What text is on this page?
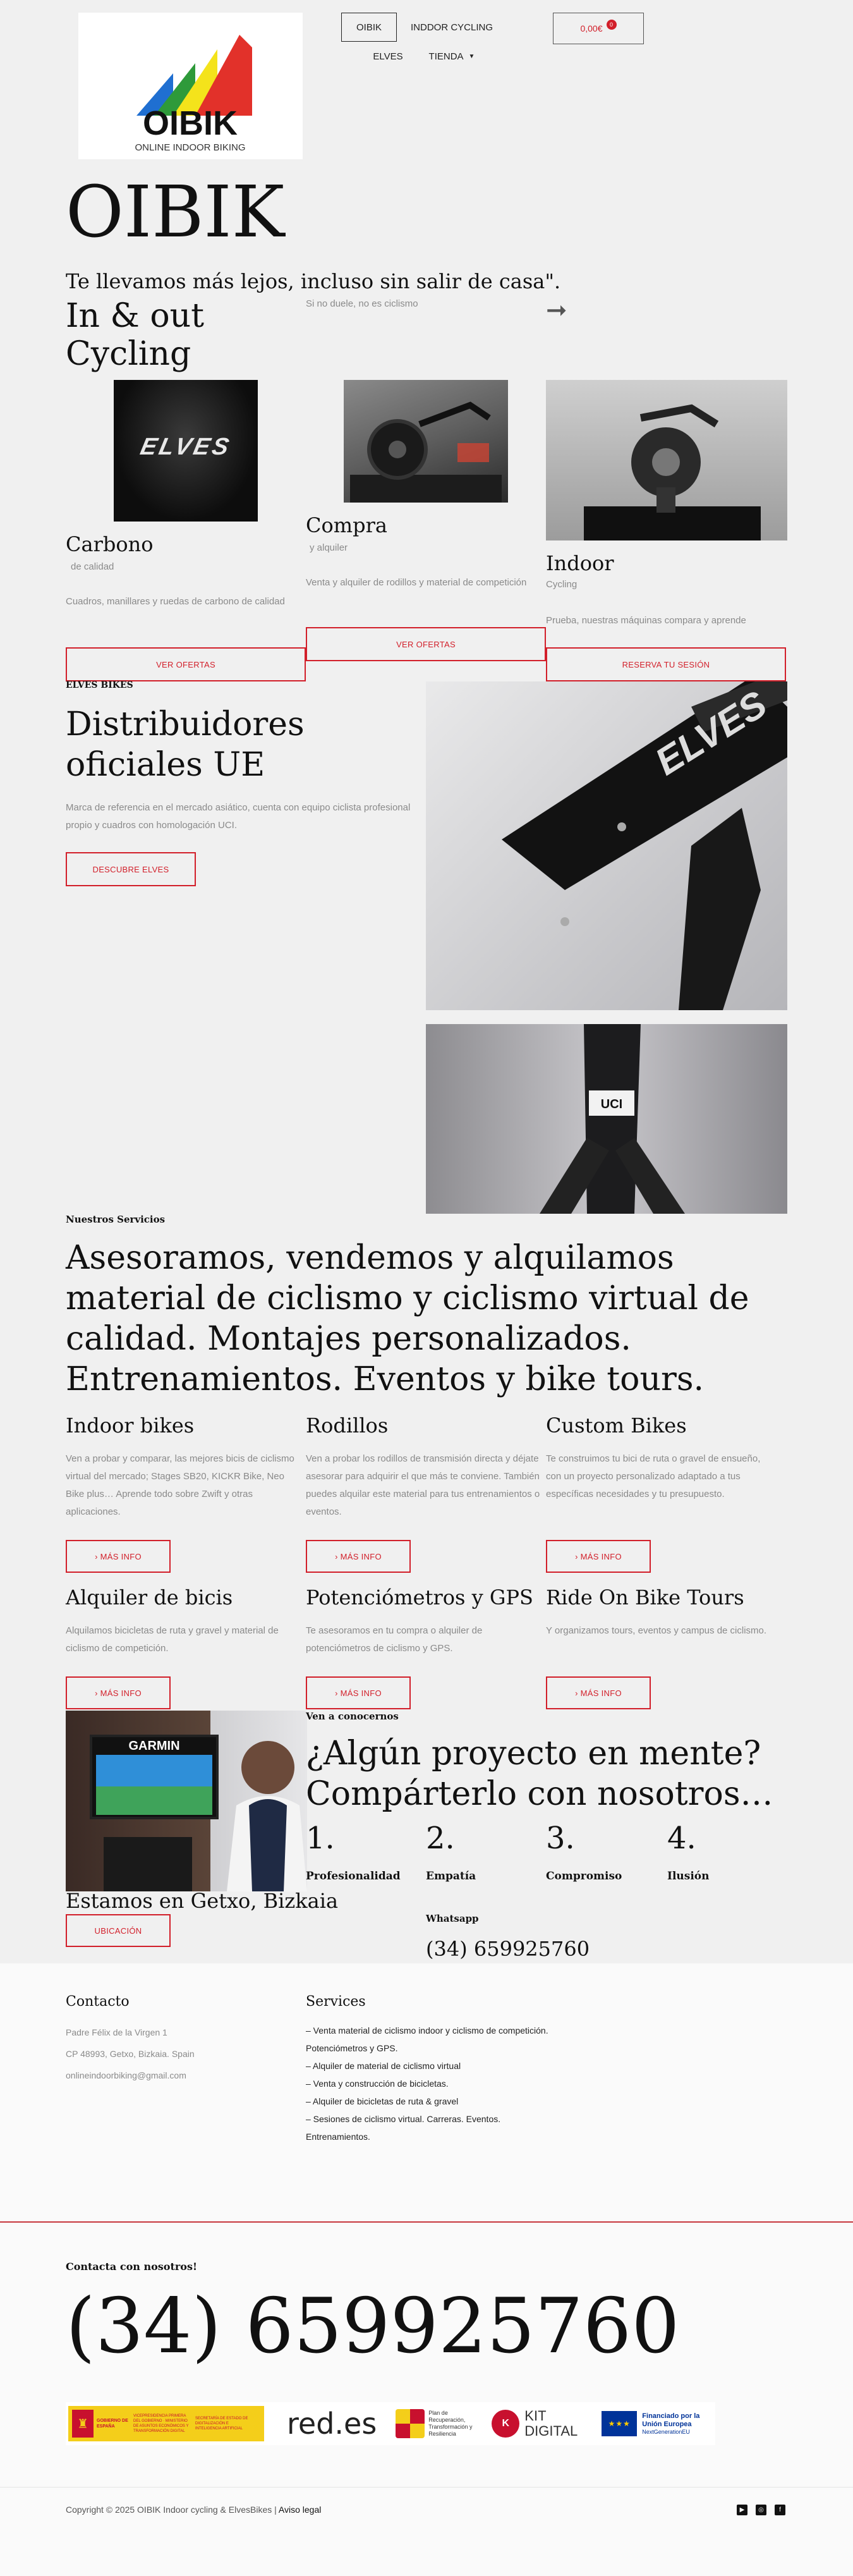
OIBIK
ONLINE INDOOR BIKING
OIBIK	INDDOR CYCLING
ELVES	TIENDA ▼
0,00€	0
OIBIK
Te llevamos más lejos, incluso sin salir de casa".
In & out Cycling
Si no duele, no es ciclismo	➞
ELVES
Carbono
de calidad
Cuadros, manillares y ruedas de carbono de calidad
VER OFERTAS
Compra
y alquiler
Venta y alquiler de rodillos y material de competición
VER OFERTAS
Indoor
Cycling
Prueba, nuestras máquinas compara y aprende
RESERVA TU SESIÓN
ELVES BIKES
Distribuidores oficiales UE
Marca de referencia en el mercado asiático, cuenta con equipo ciclista profesional propio y cuadros con homologación UCI.
DESCUBRE ELVES
ELVES
UCI
Nuestros Servicios
Asesoramos, vendemos y alquilamos material de ciclismo y ciclismo virtual de calidad. Montajes personalizados. Entrenamientos. Eventos y bike tours.
Indoor bikes
Ven a probar y comparar, las mejores bicis de ciclismo virtual del mercado; Stages SB20, KICKR Bike, Neo Bike plus… Aprende todo sobre Zwift y otras aplicaciones.
› MÁS INFO
Rodillos
Ven a probar los rodillos de transmisión directa y déjate asesorar para adquirir el que más te conviene. También puedes alquilar este material para tus entrenamientos o eventos.
› MÁS INFO
Custom Bikes
Te construimos tu bici de ruta o gravel de ensueño, con un proyecto personalizado adaptado a tus específicas necesidades y tu presupuesto.
› MÁS INFO
Alquiler de bicis
Alquilamos bicicletas de ruta y gravel y material de ciclismo de competición.
› MÁS INFO
Potenciómetros y GPS
Te asesoramos en tu compra o alquiler de potenciómetros de ciclismo y GPS.
› MÁS INFO
Ride On Bike Tours
Y organizamos tours, eventos y campus de ciclismo.
› MÁS INFO
GARMIN
Ven a conocernos
¿Algún proyecto en mente? Compárterlo con nosotros…
1.
Profesionalidad
2.
Empatía
3.
Compromiso
4.
Ilusión
Estamos en Getxo, Bizkaia
UBICACIÓN
Whatsapp
(34) 659925760
Contacto
Padre Félix de la Virgen 1
CP 48993, Getxo, Bizkaia. Spain
onlineindoorbiking@gmail.com
Services
– Venta material de ciclismo indoor y ciclismo de competición. Potenciómetros y GPS.
– Alquiler de material de ciclismo virtual
– Venta y construcción de bicicletas.
– Alquiler de bicicletas de ruta & gravel
– Sesiones de ciclismo virtual. Carreras. Eventos. Entrenamientos.
Contacta con nosotros!
(34) 659925760
♜	GOBIERNO DE ESPAÑA
VICEPRESIDENCIA PRIMERA DEL GOBIERNO · MINISTERIO DE ASUNTOS ECONÓMICOS Y TRANSFORMACIÓN DIGITAL
SECRETARÍA DE ESTADO DE DIGITALIZACIÓN E INTELIGENCIA ARTIFICIAL	red.es	Plan de Recuperación, Transformación y Resiliencia
K	KIT DIGITAL	★★★
Financiado por la Unión Europea
NextGenerationEU
Copyright © 2025 OIBIK Indoor cycling & ElvesBikes | Aviso legal	▶	◎	f
